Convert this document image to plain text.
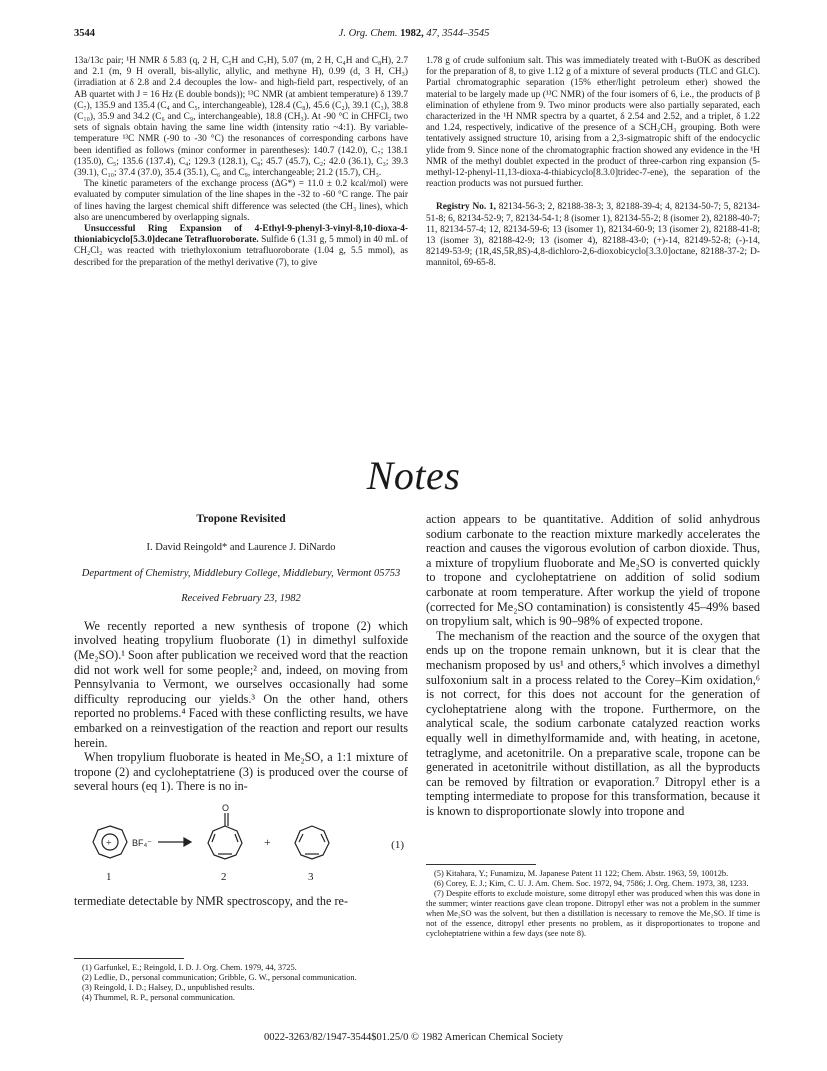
3544	J. Org. Chem. 1982, 47, 3544–3545

13a/13c pair; ¹H NMR δ 5.83 (q, 2 H, C₅H and C₇H), 5.07 (m, 2 H, C₄H and C₈H), 2.7 and 2.1 (m, 9 H overall, bis-allylic, allylic, and methyne H), 0.99 (d, 3 H, CH₃) (irradiation at δ 2.8 and 2.4 decouples the low- and high-field part, respectively, of an AB quartet with J = 16 Hz (E double bonds)); ¹³C NMR (at ambient temperature) δ 139.7 (C₇), 135.9 and 135.4 (C₄ and C₅, interchangeable), 128.4 (C₈), 45.6 (C₂), 39.1 (C₃), 38.8 (C₁₀), 35.9 and 34.2 (C₆ and C₉, interchangeable), 18.8 (CH₃). At -90 °C in CHFCl₂ two sets of signals obtain having the same line width (intensity ratio ~4:1). By variable-temperature ¹³C NMR (-90 to -30 °C) the resonances of corresponding carbons have been identified as follows (minor conformer in parentheses): 140.7 (142.0), C₇; 138.1 (135.0), C₅; 135.6 (137.4), C₄; 129.3 (128.1), C₈; 45.7 (45.7), C₂; 42.0 (36.1), C₃; 39.3 (39.1), C₁₀; 37.4 (37.0), 35.4 (35.1), C₆ and C₉, interchangeable; 21.2 (15.7), CH₃.

The kinetic parameters of the exchange process (ΔG*) = 11.0 ± 0.2 kcal/mol) were evaluated by computer simulation of the line shapes in the -32 to -60 °C range. The pair of lines having the largest chemical shift difference was selected (the CH₃ lines), which also are unencumbered by overlapping signals.

Unsuccessful Ring Expansion of 4-Ethyl-9-phenyl-3-vinyl-8,10-dioxa-4-thioniabicyclo[5.3.0]decane Tetrafluoroborate. Sulfide 6 (1.31 g, 5 mmol) in 40 mL of CH₂Cl₂ was reacted with triethyloxonium tetrafluoroborate (1.04 g, 5.5 mmol), as described for the preparation of the methyl derivative (7), to give

1.78 g of crude sulfonium salt. This was immediately treated with t-BuOK as described for the preparation of 8, to give 1.12 g of a mixture of several products (TLC and GLC). Partial chromatographic separation (15% ether/light petroleum ether) showed the material to be largely made up (¹³C NMR) of the four isomers of 6, i.e., the products of β elimination of ethylene from 9. Two minor products were also partially separated, each characterized in the ¹H NMR spectra by a quartet, δ 2.54 and 2.52, and a triplet, δ 1.22 and 1.24, respectively, indicative of the presence of a SCH₂CH₃ grouping. Both were tentatively assigned structure 10, arising from a 2,3-sigmatropic shift of the endocyclic ylide from 9. Since none of the chromatographic fraction showed any evidence in the ¹H NMR of the methyl doublet expected in the product of three-carbon ring expansion (5-methyl-12-phenyl-11,13-dioxa-4-thiabicyclo[8.3.0]tridec-7-ene), the separation of the reaction products was not pursued further.

Registry No. 1, 82134-56-3; 2, 82188-38-3; 3, 82188-39-4; 4, 82134-50-7; 5, 82134-51-8; 6, 82134-52-9; 7, 82134-54-1; 8 (isomer 1), 82134-55-2; 8 (isomer 2), 82188-40-7; 11, 82134-57-4; 12, 82134-59-6; 13 (isomer 1), 82134-60-9; 13 (isomer 2), 82188-41-8; 13 (isomer 3), 82188-42-9; 13 (isomer 4), 82188-43-0; (+)-14, 82149-52-8; (-)-14, 82149-53-9; (1R,4S,5R,8S)-4,8-dichloro-2,6-dioxobicyclo[3.3.0]octane, 82188-37-2; D-mannitol, 69-65-8.

Notes
Tropone Revisited
I. David Reingold* and Laurence J. DiNardo
Department of Chemistry, Middlebury College, Middlebury, Vermont 05753
Received February 23, 1982

We recently reported a new synthesis of tropone (2) which involved heating tropylium fluoborate (1) in dimethyl sulfoxide (Me₂SO).¹ Soon after publication we received word that the reaction did not work well for some people;² and, indeed, on moving from Pennsylvania to Vermont, we ourselves occasionally had some difficulty reproducing our yields.³ On the other hand, others reported no problems.⁴ Faced with these conflicting results, we have embarked on a reinvestigation of the reaction and report our results herein.

When tropylium fluoborate is heated in Me₂SO, a 1:1 mixture of tropone (2) and cycloheptatriene (3) is produced over the course of several hours (eq 1). There is no in-

+ BF₄⁻
O
+
1	2	3
(1)

termediate detectable by NMR spectroscopy, and the re-

action appears to be quantitative. Addition of solid anhydrous sodium carbonate to the reaction mixture markedly accelerates the reaction and causes the vigorous evolution of carbon dioxide. Thus, a mixture of tropylium fluoborate and Me₂SO is converted quickly to tropone and cycloheptatriene on addition of solid sodium carbonate at room temperature. After workup the yield of tropone (corrected for Me₂SO contamination) is consistently 45–49% based on tropylium salt, which is 90–98% of expected tropone.

The mechanism of the reaction and the source of the oxygen that ends up on the tropone remain unknown, but it is clear that the mechanism proposed by us¹ and others,⁵ which involves a dimethyl sulfoxonium salt in a process related to the Corey–Kim oxidation,⁶ is not correct, for this does not account for the generation of cycloheptatriene along with the tropone. Furthermore, on the analytical scale, the sodium carbonate catalyzed reaction works equally well in dimethylformamide and, with heating, in acetone, tetraglyme, and acetonitrile. On a preparative scale, tropone can be generated in acetonitrile without distillation, as all the byproducts can be removed by filtration or evaporation.⁷ Ditropyl ether is a tempting intermediate to propose for this transformation, because it is known to disproportionate slowly into tropone and

(1) Garfunkel, E.; Reingold, I. D. J. Org. Chem. 1979, 44, 3725.

(2) Ledlie, D., personal communication; Gribble, G. W., personal communication.

(3) Reingold, I. D.; Halsey, D., unpublished results.

(4) Thummel, R. P., personal communication.

(5) Kitahara, Y.; Funamizu, M. Japanese Patent 11 122; Chem. Abstr. 1963, 59, 10012b.

(6) Corey, E. J.; Kim, C. U. J. Am. Chem. Soc. 1972, 94, 7586; J. Org. Chem. 1973, 38, 1233.

(7) Despite efforts to exclude moisture, some ditropyl ether was produced when this was done in the summer; winter reactions gave clean tropone. Ditropyl ether was not a problem in the summer when Me₂SO was the solvent, but then a distillation is necessary to remove the Me₂SO. If time is not of the essence, ditropyl ether presents no problem, as it disproportionates to tropone and cycloheptatriene within a few days (see note 8).

0022-3263/82/1947-3544$01.25/0 © 1982 American Chemical Society
